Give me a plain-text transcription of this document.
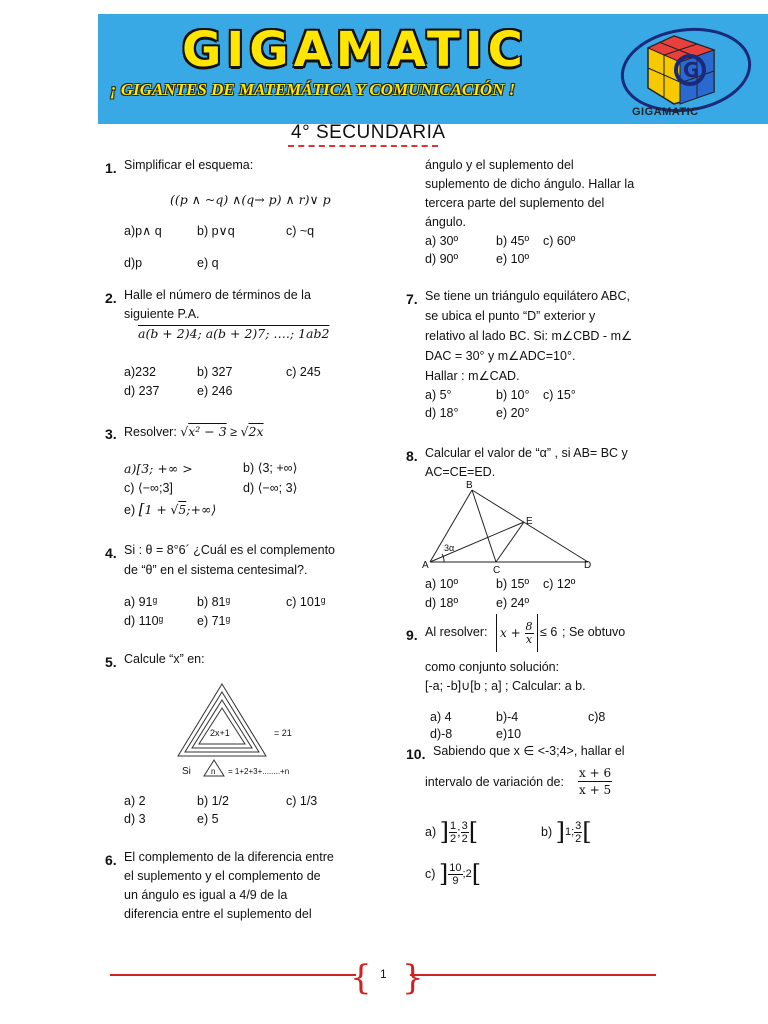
GIGAMATIC
¡ GIGANTES DE MATEMÁTICA Y COMUNICACIÓN !
G
GIGAMATIC
4° SECUNDARIA
1. Simplificar el esquema:
((p ∧ ~q) ∧(q→ p) ∧ r)∨ p
a)p∧ q	b) p∨q	c) ~q
d)p	e) q
2. Halle el número de términos de la
siguiente P.A.
a(b + 2)4; a(b + 2)7; ….; 1ab2
a)232	b) 327	c) 245
d) 237	e) 246
3. Resolver: √x² − 3 ≥ √2x
a)[3; +∞ >	b) ⟨3; +∞⟩
c) ⟨−∞;3]	d) ⟨−∞; 3⟩
e) [1 + √5;+∞⟩
4. Si : θ = 8°6´ ¿Cuál es el complemento
de “θ” en el sistema centesimal?.
a) 91ᵍ	b) 81ᵍ	c) 101ᵍ
d) 110ᵍ	e) 71ᵍ
5. Calcule “x” en:
2x+1	= 21
Si	n = 1+2+3+........+n
a) 2	b) 1/2	c) 1/3
d) 3	e) 5
6. El complemento de la diferencia entre
el suplemento y el complemento de
un ángulo es igual a 4/9 de la
diferencia entre el suplemento del
ángulo y el suplemento del
suplemento de dicho ángulo. Hallar la
tercera parte del suplemento del
ángulo.
a) 30º	b) 45º c) 60º
d) 90º	e) 10º
7. Se tiene un triángulo equilátero ABC,
se ubica el punto “D” exterior y
relativo al lado BC. Si: m∠CBD - m∠
DAC = 30° y m∠ADC=10°.
Hallar : m∠CAD.
a) 5°	b) 10° c) 15°
d) 18°	e) 20°
8. Calcular el valor de “α” , si AB= BC y
AC=CE=ED.
B
E
A	C	D
3α
a) 10º	b) 15º c) 12º
d) 18º	e) 24º
9. Al resolver: x
+
$\frac{8}{x} \le 6$ ; Se obtuvo
como conjunto solución:
[-a; -b]∪[b ; a] ; Calcular: a b.
a) 4	b)-4	c)8
d)-8	e)10
10. Sabiendo que x ∈ <-3;4>, hallar el
intervalo de variación de: $\frac{x + 6}{x + 5}$
a)
] $\frac{1}{2}$ ; $\frac{3}{2}$ [	b)
] 1; $\frac{3}{2}$ [
c)
] $\frac{10}{9}$ ;2 [
{ }
1
